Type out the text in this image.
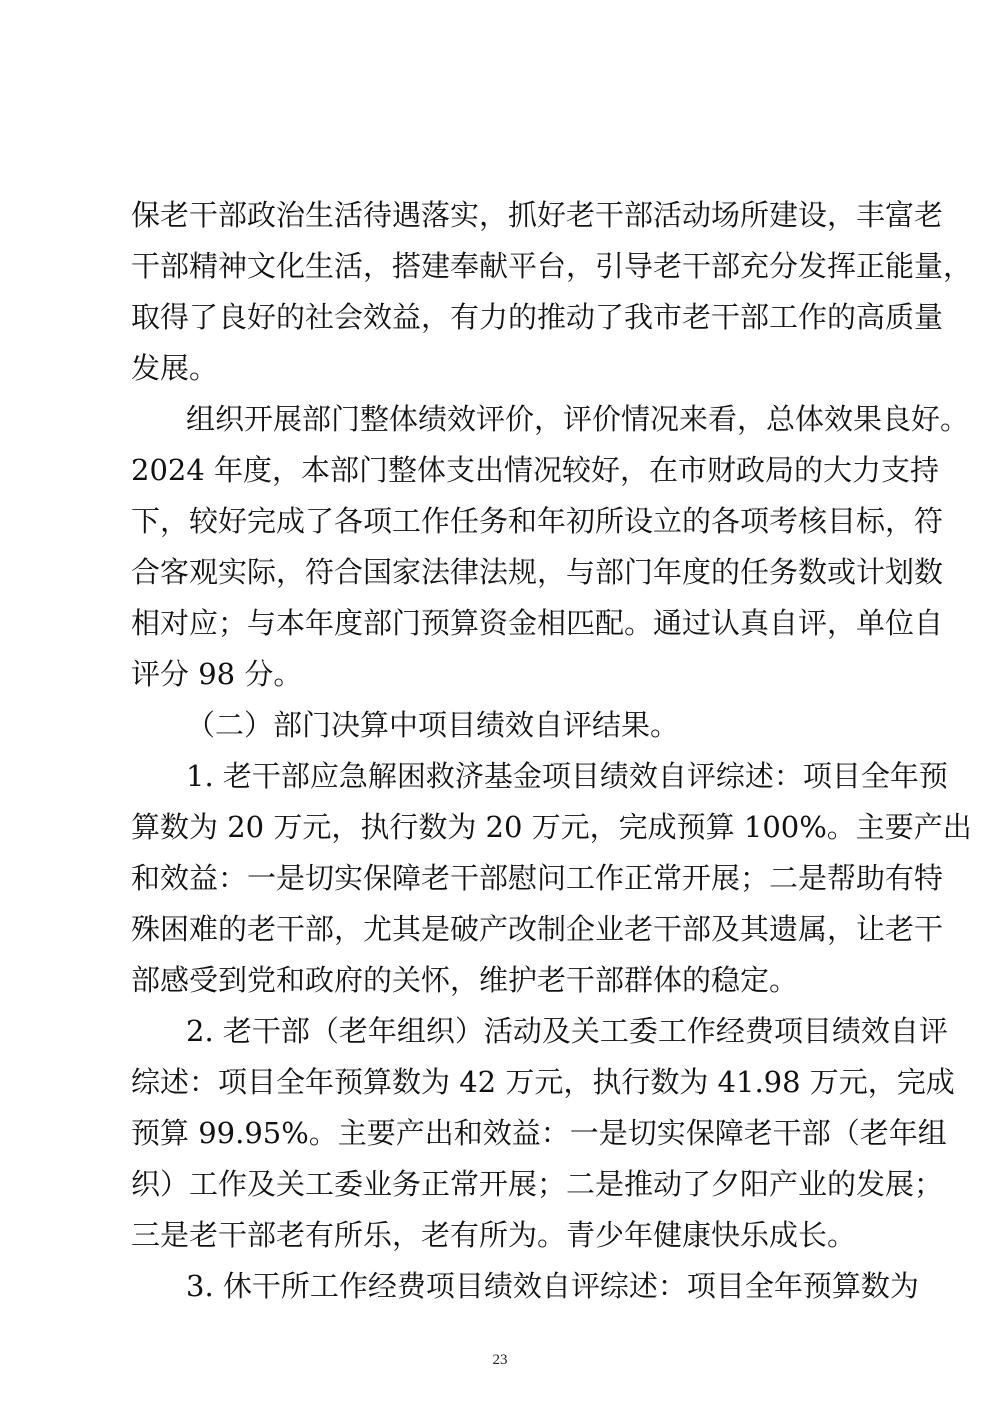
保老干部政治生活待遇落实，抓好老干部活动场所建设，丰富老
干部精神文化生活，搭建奉献平台，引导老干部充分发挥正能量，
取得了良好的社会效益，有力的推动了我市老干部工作的高质量
发展。
组织开展部门整体绩效评价，评价情况来看，总体效果良好。
2024 年度，本部门整体支出情况较好，在市财政局的大力支持
下，较好完成了各项工作任务和年初所设立的各项考核目标，符
合客观实际，符合国家法律法规，与部门年度的任务数或计划数
相对应；与本年度部门预算资金相匹配。通过认真自评，单位自
评分 98 分。
（二）部门决算中项目绩效自评结果。
1. 老干部应急解困救济基金项目绩效自评综述：项目全年预
算数为 20 万元，执行数为 20 万元，完成预算 100%。主要产出
和效益：一是切实保障老干部慰问工作正常开展；二是帮助有特
殊困难的老干部，尤其是破产改制企业老干部及其遗属，让老干
部感受到党和政府的关怀，维护老干部群体的稳定。
2. 老干部（老年组织）活动及关工委工作经费项目绩效自评
综述：项目全年预算数为 42 万元，执行数为 41.98 万元，完成
预算 99.95%。主要产出和效益：一是切实保障老干部（老年组
织）工作及关工委业务正常开展；二是推动了夕阳产业的发展；
三是老干部老有所乐，老有所为。青少年健康快乐成长。
3. 休干所工作经费项目绩效自评综述：项目全年预算数为
23
